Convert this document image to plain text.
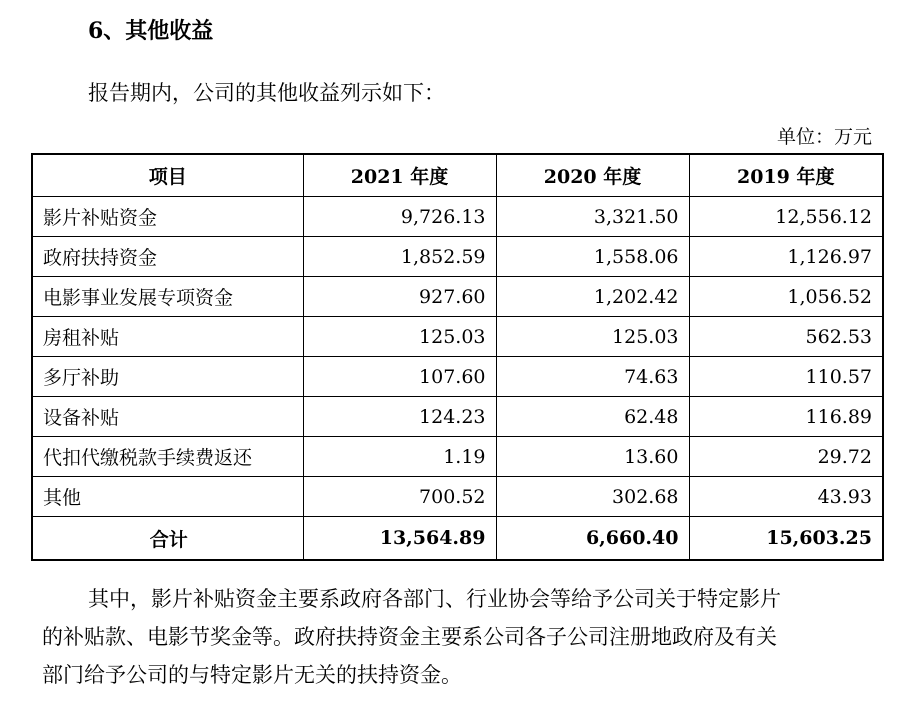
6、其他收益
报告期内，公司的其他收益列示如下：
单位：万元
项目	2021 年度	2020 年度	2019 年度
影片补贴资金	9,726.13	3,321.50	12,556.12
政府扶持资金	1,852.59	1,558.06	1,126.97
电影事业发展专项资金	927.60	1,202.42	1,056.52
房租补贴	125.03	125.03	562.53
多厅补助	107.60	74.63	110.57
设备补贴	124.23	62.48	116.89
代扣代缴税款手续费返还	1.19	13.60	29.72
其他	700.52	302.68	43.93
合计	13,564.89	6,660.40	15,603.25
其中，影片补贴资金主要系政府各部门、行业协会等给予公司关于特定影片
的补贴款、电影节奖金等。政府扶持资金主要系公司各子公司注册地政府及有关
部门给予公司的与特定影片无关的扶持资金。
